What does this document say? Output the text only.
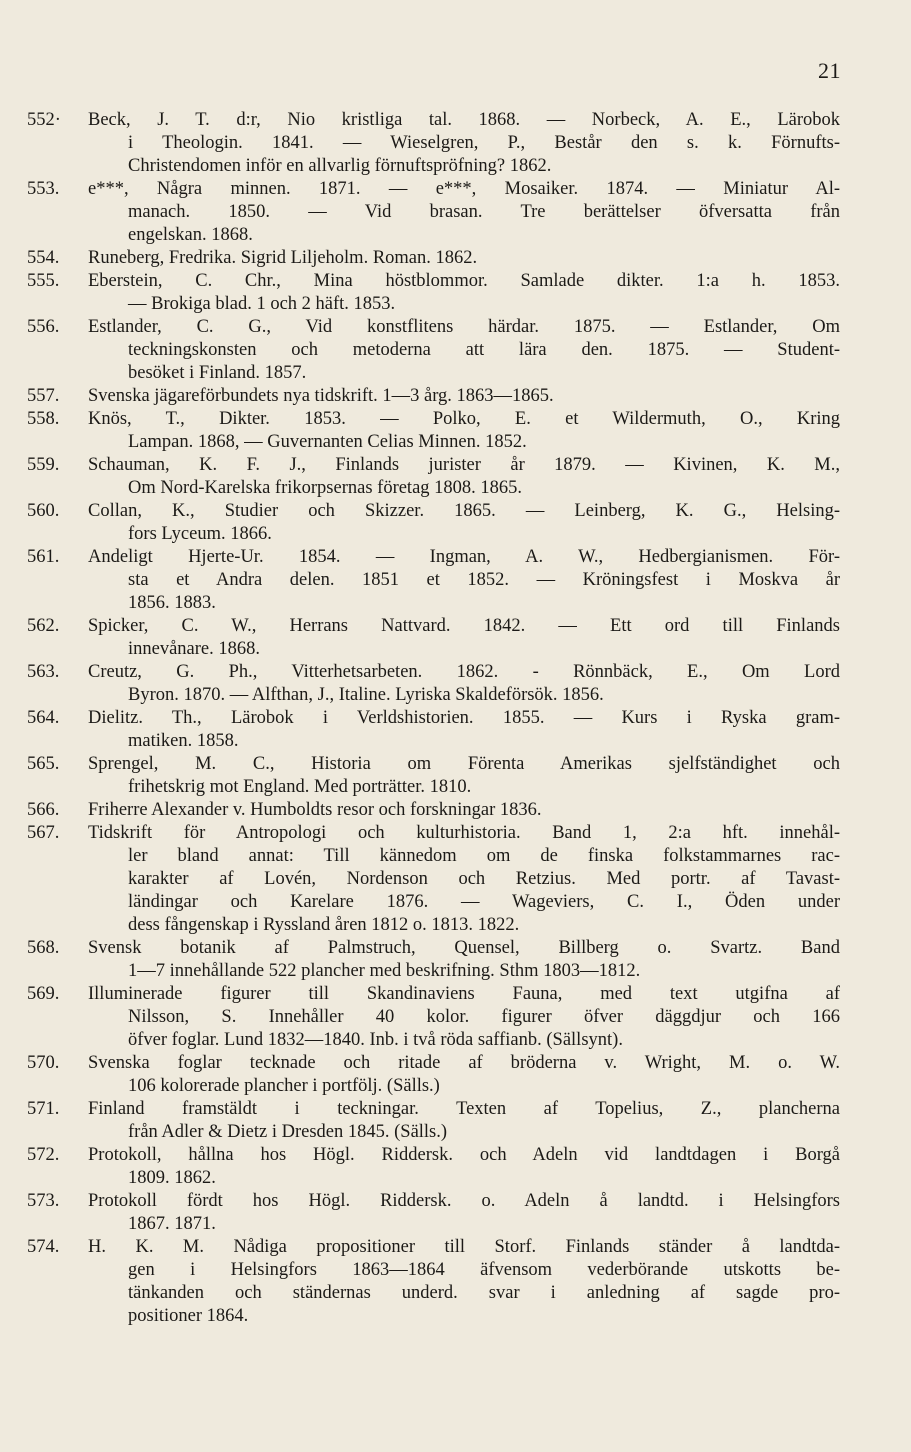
21
552· Beck, J. T. d:r, Nio kristliga tal. 1868. — Norbeck, A. E., Lärobok
i Theologin. 1841. — Wieselgren, P., Består den s. k. Förnufts-
Christendomen inför en allvarlig förnuftspröfning? 1862.
553. e***, Några minnen. 1871. — e***, Mosaiker. 1874. — Miniatur Al-
manach. 1850. — Vid brasan. Tre berättelser öfversatta från
engelskan. 1868.
554. Runeberg, Fredrika. Sigrid Liljeholm. Roman. 1862.
555. Eberstein, C. Chr., Mina höstblommor. Samlade dikter. 1:a h. 1853.
— Brokiga blad. 1 och 2 häft. 1853.
556. Estlander, C. G., Vid konstflitens härdar. 1875. — Estlander, Om
teckningskonsten och metoderna att lära den. 1875. — Student-
besöket i Finland. 1857.
557. Svenska jägareförbundets nya tidskrift. 1—3 årg. 1863—1865.
558. Knös, T., Dikter. 1853. — Polko, E. et Wildermuth, O., Kring
Lampan. 1868, — Guvernanten Celias Minnen. 1852.
559. Schauman, K. F. J., Finlands jurister år 1879. — Kivinen, K. M.,
Om Nord-Karelska frikorpsernas företag 1808. 1865.
560. Collan, K., Studier och Skizzer. 1865. — Leinberg, K. G., Helsing-
fors Lyceum. 1866.
561. Andeligt Hjerte-Ur. 1854. — Ingman, A. W., Hedbergianismen. För-
sta et Andra delen. 1851 et 1852. — Kröningsfest i Moskva år
1856. 1883.
562. Spicker, C. W., Herrans Nattvard. 1842. — Ett ord till Finlands
innevånare. 1868.
563. Creutz, G. Ph., Vitterhetsarbeten. 1862. - Rönnbäck, E., Om Lord
Byron. 1870. — Alfthan, J., Italine. Lyriska Skaldeförsök. 1856.
564. Dielitz. Th., Lärobok i Verldshistorien. 1855. — Kurs i Ryska gram-
matiken. 1858.
565. Sprengel, M. C., Historia om Förenta Amerikas sjelfständighet och
frihetskrig mot England. Med porträtter. 1810.
566. Friherre Alexander v. Humboldts resor och forskningar 1836.
567. Tidskrift för Antropologi och kulturhistoria. Band 1, 2:a hft. innehål-
ler bland annat: Till kännedom om de finska folkstammarnes rac-
karakter af Lovén, Nordenson och Retzius. Med portr. af Tavast-
ländingar och Karelare 1876. — Wageviers, C. I., Öden under
dess fångenskap i Ryssland åren 1812 o. 1813. 1822.
568. Svensk botanik af Palmstruch, Quensel, Billberg o. Svartz. Band
1—7 innehållande 522 plancher med beskrifning. Sthm 1803—1812.
569. Illuminerade figurer till Skandinaviens Fauna, med text utgifna af
Nilsson, S. Innehåller 40 kolor. figurer öfver däggdjur och 166
öfver foglar. Lund 1832—1840. Inb. i två röda saffianb. (Sällsynt).
570. Svenska foglar tecknade och ritade af bröderna v. Wright, M. o. W.
106 kolorerade plancher i portfölj. (Sälls.)
571. Finland framstäldt i teckningar. Texten af Topelius, Z., plancherna
från Adler & Dietz i Dresden 1845. (Sälls.)
572. Protokoll, hållna hos Högl. Riddersk. och Adeln vid landtdagen i Borgå
1809. 1862.
573. Protokoll fördt hos Högl. Riddersk. o. Adeln å landtd. i Helsingfors
1867. 1871.
574. H. K. M. Nådiga propositioner till Storf. Finlands ständer å landtda-
gen i Helsingfors 1863—1864 äfvensom vederbörande utskotts be-
tänkanden och ständernas underd. svar i anledning af sagde pro-
positioner 1864.
